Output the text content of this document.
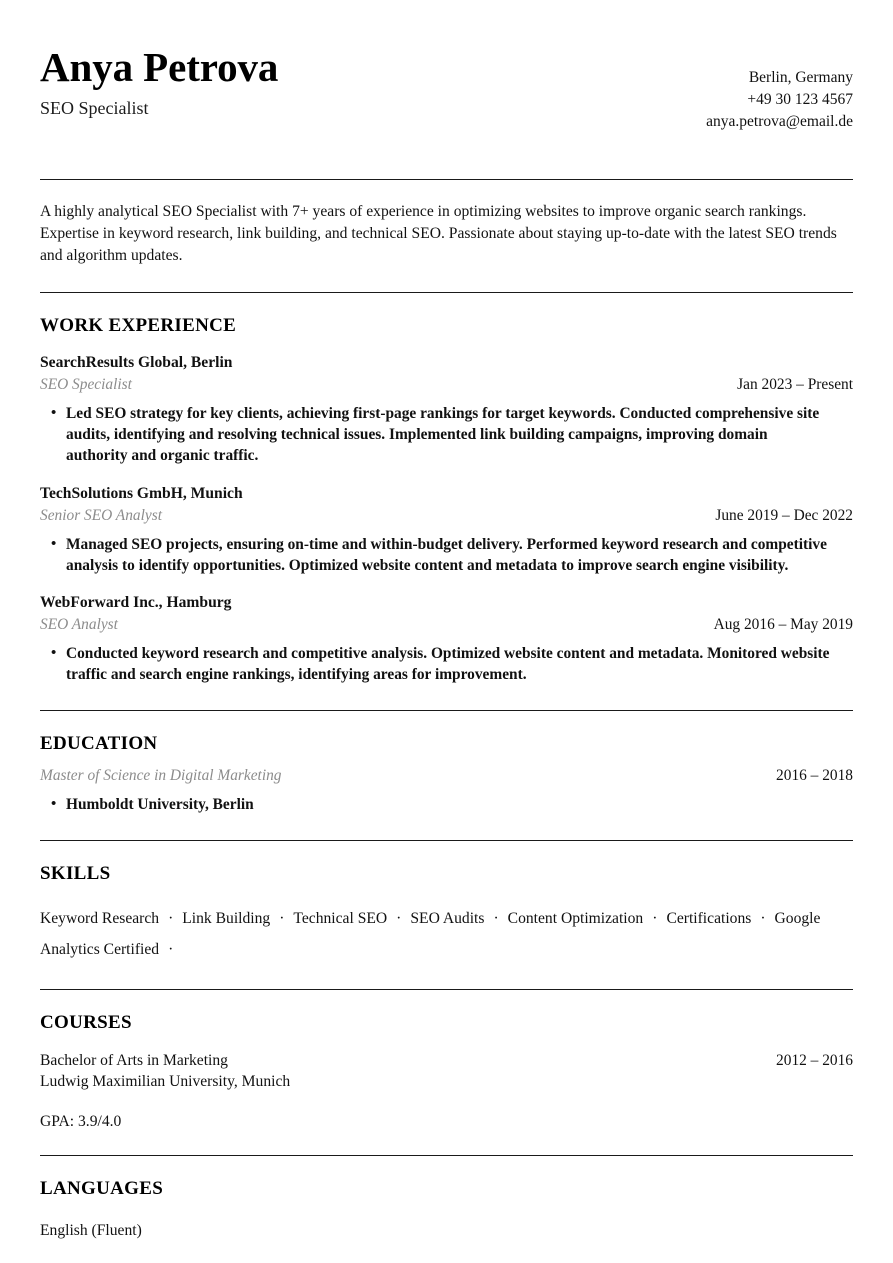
Anya Petrova
SEO Specialist
Berlin, Germany
+49 30 123 4567
anya.petrova@email.de
A highly analytical SEO Specialist with 7+ years of experience in optimizing websites to improve organic search rankings. Expertise in keyword research, link building, and technical SEO. Passionate about staying up-to-date with the latest SEO trends and algorithm updates.
WORK EXPERIENCE
SearchResults Global, Berlin
SEO Specialist	Jan 2023 – Present
• Led SEO strategy for key clients, achieving first-page rankings for target keywords. Conducted comprehensive site audits, identifying and resolving technical issues. Implemented link building campaigns, improving domain authority and organic traffic.
TechSolutions GmbH, Munich
Senior SEO Analyst	June 2019 – Dec 2022
• Managed SEO projects, ensuring on-time and within-budget delivery. Performed keyword research and competitive analysis to identify opportunities. Optimized website content and metadata to improve search engine visibility.
WebForward Inc., Hamburg
SEO Analyst	Aug 2016 – May 2019
• Conducted keyword research and competitive analysis. Optimized website content and metadata. Monitored website traffic and search engine rankings, identifying areas for improvement.
EDUCATION
Master of Science in Digital Marketing	2016 – 2018
• Humboldt University, Berlin
SKILLS
Keyword Research · Link Building · Technical SEO · SEO Audits · Content Optimization · Certifications · Google Analytics Certified ·
COURSES
Bachelor of Arts in Marketing	2012 – 2016
Ludwig Maximilian University, Munich
GPA: 3.9/4.0
LANGUAGES
English (Fluent)
